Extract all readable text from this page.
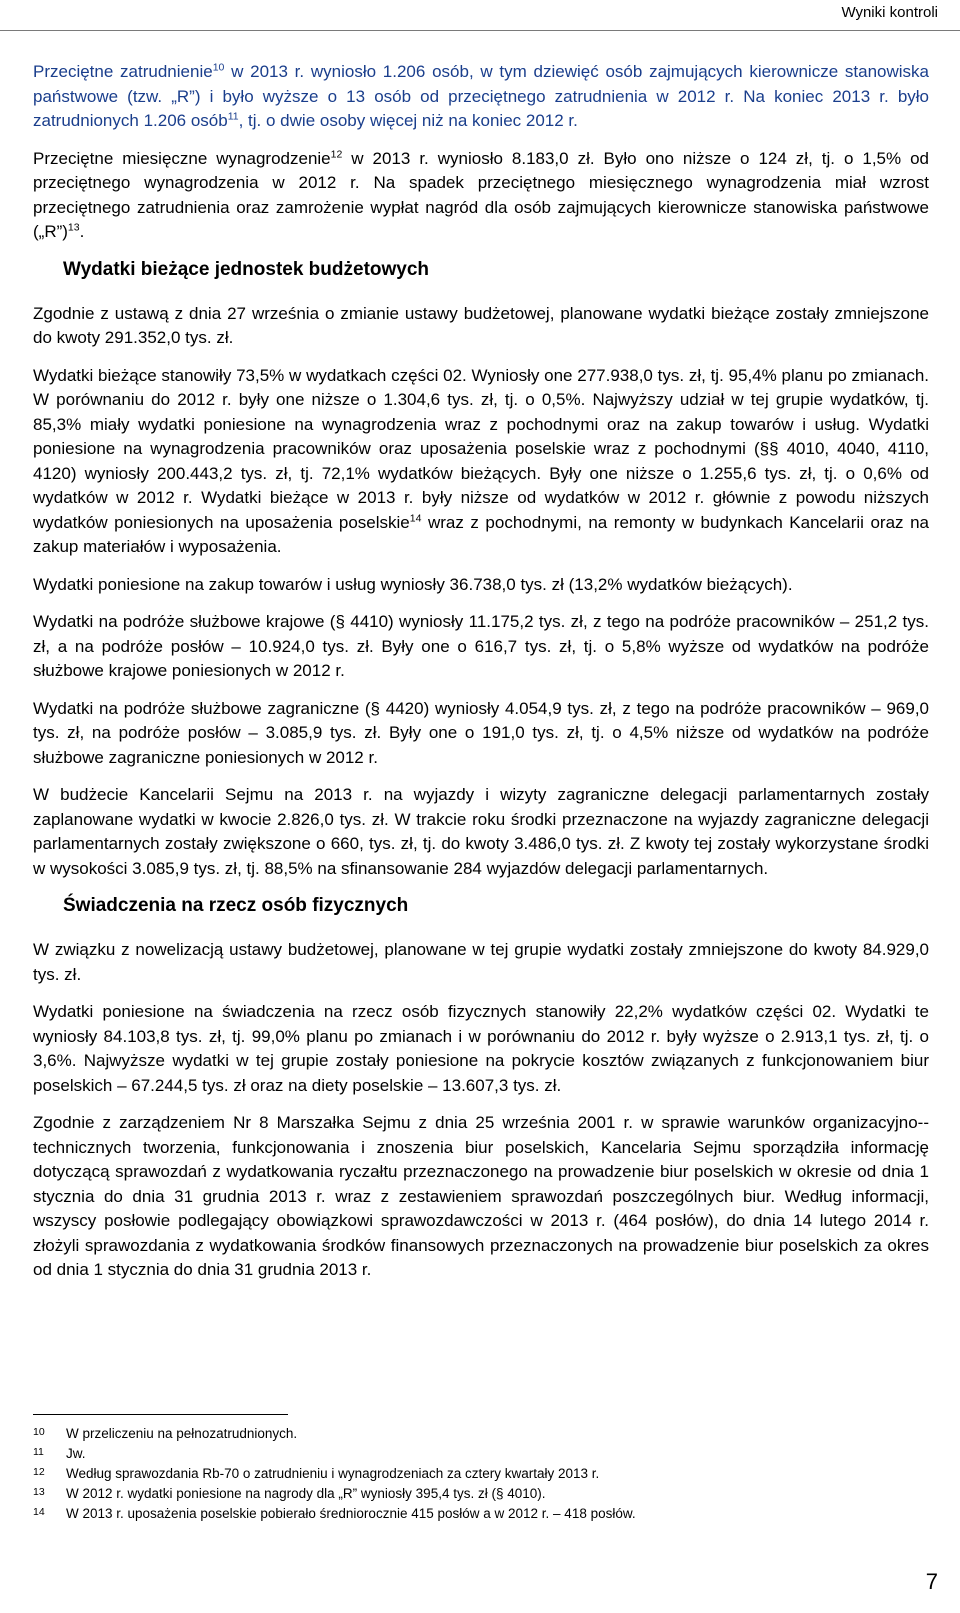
Wyniki kontroli

Przeciętne zatrudnienie$^{10}$ w 2013 r. wyniosło 1.206 osób, w tym dziewięć osób zajmujących kierownicze stanowiska państwowe (tzw. „R”) i było wyższe o 13 osób od przeciętnego zatrudnienia w 2012 r. Na koniec 2013 r. było zatrudnionych 1.206 osób$^{11}$, tj. o dwie osoby więcej niż na koniec 2012 r.

Przeciętne miesięczne wynagrodzenie$^{12}$ w 2013 r. wyniosło 8.183,0 zł. Było ono niższe o 124 zł, tj. o 1,5% od przeciętnego wynagrodzenia w 2012 r. Na spadek przeciętnego miesięcznego wynagrodzenia miał wzrost przeciętnego zatrudnienia oraz zamrożenie wypłat nagród dla osób zajmujących kierownicze stanowiska państwowe („R”)$^{13}$.

Wydatki bieżące jednostek budżetowych

Zgodnie z ustawą z dnia 27 września o zmianie ustawy budżetowej, planowane wydatki bieżące zostały zmniejszone do kwoty 291.352,0 tys. zł.

Wydatki bieżące stanowiły 73,5% w wydatkach części 02. Wyniosły one 277.938,0 tys. zł, tj. 95,4% planu po zmianach. W porównaniu do 2012 r. były one niższe o 1.304,6 tys. zł, tj. o 0,5%. Najwyższy udział w tej grupie wydatków, tj. 85,3% miały wydatki poniesione na wynagrodzenia wraz z pochodnymi oraz na zakup towarów i usług. Wydatki poniesione na wynagrodzenia pracowników oraz uposażenia poselskie wraz z pochodnymi (§§ 4010, 4040, 4110, 4120) wyniosły 200.443,2 tys. zł, tj. 72,1% wydatków bieżących. Były one niższe o 1.255,6 tys. zł, tj. o 0,6% od wydatków w 2012 r. Wydatki bieżące w 2013 r. były niższe od wydatków w 2012 r. głównie z powodu niższych wydatków poniesionych na uposażenia poselskie$^{14}$ wraz z pochodnymi, na remonty w budynkach Kancelarii oraz na zakup materiałów i wyposażenia.

Wydatki poniesione na zakup towarów i usług wyniosły 36.738,0 tys. zł (13,2% wydatków bieżących).

Wydatki na podróże służbowe krajowe (§ 4410) wyniosły 11.175,2 tys. zł, z tego na podróże pracowników – 251,2 tys. zł, a na podróże posłów – 10.924,0 tys. zł. Były one o 616,7 tys. zł, tj. o 5,8% wyższe od wydatków na podróże służbowe krajowe poniesionych w 2012 r.

Wydatki na podróże służbowe zagraniczne (§ 4420) wyniosły 4.054,9 tys. zł, z tego na podróże pracowników – 969,0 tys. zł, na podróże posłów – 3.085,9 tys. zł. Były one o 191,0 tys. zł, tj. o 4,5% niższe od wydatków na podróże służbowe zagraniczne poniesionych w 2012 r.

W budżecie Kancelarii Sejmu na 2013 r. na wyjazdy i wizyty zagraniczne delegacji parlamentarnych zostały zaplanowane wydatki w kwocie 2.826,0 tys. zł. W trakcie roku środki przeznaczone na wyjazdy zagraniczne delegacji parlamentarnych zostały zwiększone o 660, tys. zł, tj. do kwoty 3.486,0 tys. zł. Z kwoty tej zostały wykorzystane środki w wysokości 3.085,9 tys. zł, tj. 88,5% na sfinansowanie 284 wyjazdów delegacji parlamentarnych.

Świadczenia na rzecz osób fizycznych

W związku z nowelizacją ustawy budżetowej, planowane w tej grupie wydatki zostały zmniejszone do kwoty 84.929,0 tys. zł.

Wydatki poniesione na świadczenia na rzecz osób fizycznych stanowiły 22,2% wydatków części 02. Wydatki te wyniosły 84.103,8 tys. zł, tj. 99,0% planu po zmianach i w porównaniu do 2012 r. były wyższe o 2.913,1 tys. zł, tj. o 3,6%. Najwyższe wydatki w tej grupie zostały poniesione na pokrycie kosztów związanych z funkcjonowaniem biur poselskich – 67.244,5 tys. zł oraz na diety poselskie – 13.607,3 tys. zł.

Zgodnie z zarządzeniem Nr 8 Marszałka Sejmu z dnia 25 września 2001 r. w sprawie warunków organizacyjno--technicznych tworzenia, funkcjonowania i znoszenia biur poselskich, Kancelaria Sejmu sporządziła informację dotyczącą sprawozdań z wydatkowania ryczałtu przeznaczonego na prowadzenie biur poselskich w okresie od dnia 1 stycznia do dnia 31 grudnia 2013 r. wraz z zestawieniem sprawozdań poszczególnych biur. Według informacji, wszyscy posłowie podlegający obowiązkowi sprawozdawczości w 2013 r. (464 posłów), do dnia 14 lutego 2014 r. złożyli sprawozdania z wydatkowania środków finansowych przeznaczonych na prowadzenie biur poselskich za okres od dnia 1 stycznia do dnia 31 grudnia 2013 r.

10	W przeliczeniu na pełnozatrudnionych.
11	Jw.
12	Według sprawozdania Rb-70 o zatrudnieniu i wynagrodzeniach za cztery kwartały 2013 r.
13	W 2012 r. wydatki poniesione na nagrody dla „R” wyniosły 395,4 tys. zł (§ 4010).
14	W 2013 r. uposażenia poselskie pobierało średniorocznie 415 posłów a w 2012 r. – 418 posłów.
7
